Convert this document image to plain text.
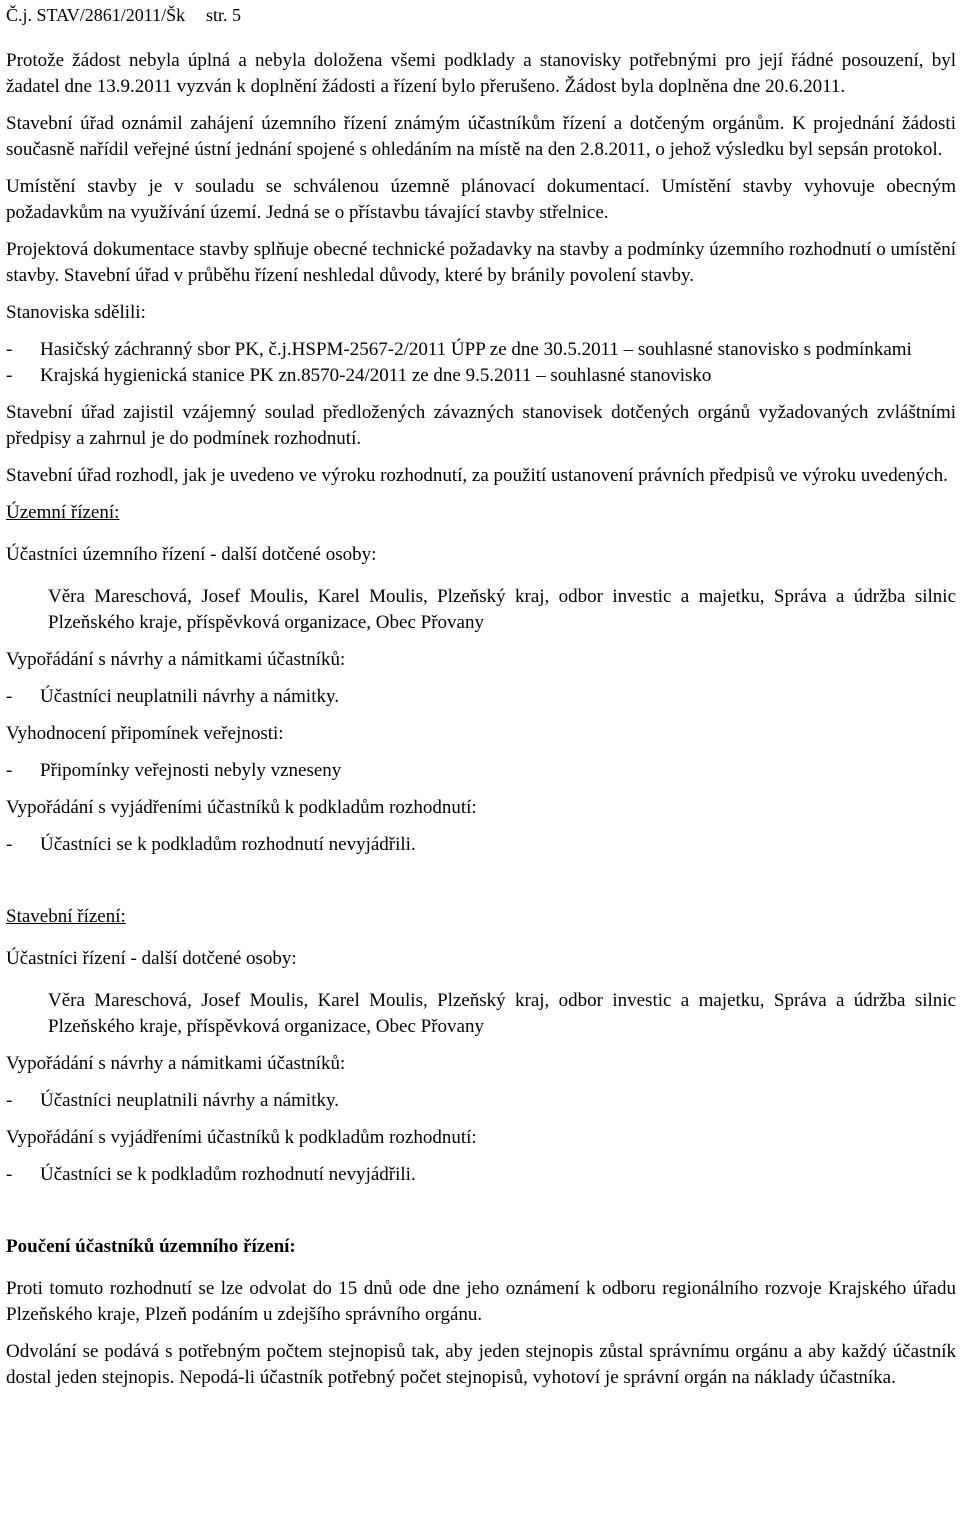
Č.j. STAV/2861/2011/Šk	str. 5

Protože žádost nebyla úplná a nebyla doložena všemi podklady a stanovisky potřebnými pro její řádné posouzení, byl žadatel dne 13.9.2011 vyzván k doplnění žádosti a řízení bylo přerušeno. Žádost byla doplněna dne 20.6.2011.

Stavební úřad oznámil zahájení územního řízení známým účastníkům řízení a dotčeným orgánům. K projednání žádosti současně nařídil veřejné ústní jednání spojené s ohledáním na místě na den 2.8.2011, o jehož výsledku byl sepsán protokol.

Umístění stavby je v souladu se schválenou územně plánovací dokumentací. Umístění stavby vyhovuje obecným požadavkům na využívání území. Jedná se o přístavbu távající stavby střelnice.

Projektová dokumentace stavby splňuje obecné technické požadavky na stavby a podmínky územního rozhodnutí o umístění stavby. Stavební úřad v průběhu řízení neshledal důvody, které by bránily povolení stavby.

Stanoviska sdělili:

-	Hasičský záchranný sbor PK, č.j.HSPM-2567-2/2011 ÚPP ze dne 30.5.2011 – souhlasné stanovisko s podmínkami
-	Krajská hygienická stanice PK zn.8570-24/2011 ze dne 9.5.2011 – souhlasné stanovisko

Stavební úřad zajistil vzájemný soulad předložených závazných stanovisek dotčených orgánů vyžadovaných zvláštními předpisy a zahrnul je do podmínek rozhodnutí.

Stavební úřad rozhodl, jak je uvedeno ve výroku rozhodnutí, za použití ustanovení právních předpisů ve výroku uvedených.

Územní řízení:

Účastníci územního řízení - další dotčené osoby:

Věra Mareschová, Josef Moulis, Karel Moulis, Plzeňský kraj, odbor investic a majetku, Správa a údržba silnic Plzeňského kraje, příspěvková organizace, Obec Přovany

Vypořádání s návrhy a námitkami účastníků:

-	Účastníci neuplatnili návrhy a námitky.

Vyhodnocení připomínek veřejnosti:

-	Připomínky veřejnosti nebyly vzneseny

Vypořádání s vyjádřeními účastníků k podkladům rozhodnutí:

-	Účastníci se k podkladům rozhodnutí nevyjádřili.

Stavební řízení:

Účastníci řízení - další dotčené osoby:

Věra Mareschová, Josef Moulis, Karel Moulis, Plzeňský kraj, odbor investic a majetku, Správa a údržba silnic Plzeňského kraje, příspěvková organizace, Obec Přovany

Vypořádání s návrhy a námitkami účastníků:

-	Účastníci neuplatnili návrhy a námitky.

Vypořádání s vyjádřeními účastníků k podkladům rozhodnutí:

-	Účastníci se k podkladům rozhodnutí nevyjádřili.

Poučení účastníků územního řízení:

Proti tomuto rozhodnutí se lze odvolat do 15 dnů ode dne jeho oznámení k odboru regionálního rozvoje Krajského úřadu Plzeňského kraje, Plzeň podáním u zdejšího správního orgánu.

Odvolání se podává s potřebným počtem stejnopisů tak, aby jeden stejnopis zůstal správnímu orgánu a aby každý účastník dostal jeden stejnopis. Nepodá-li účastník potřebný počet stejnopisů, vyhotoví je správní orgán na náklady účastníka.
